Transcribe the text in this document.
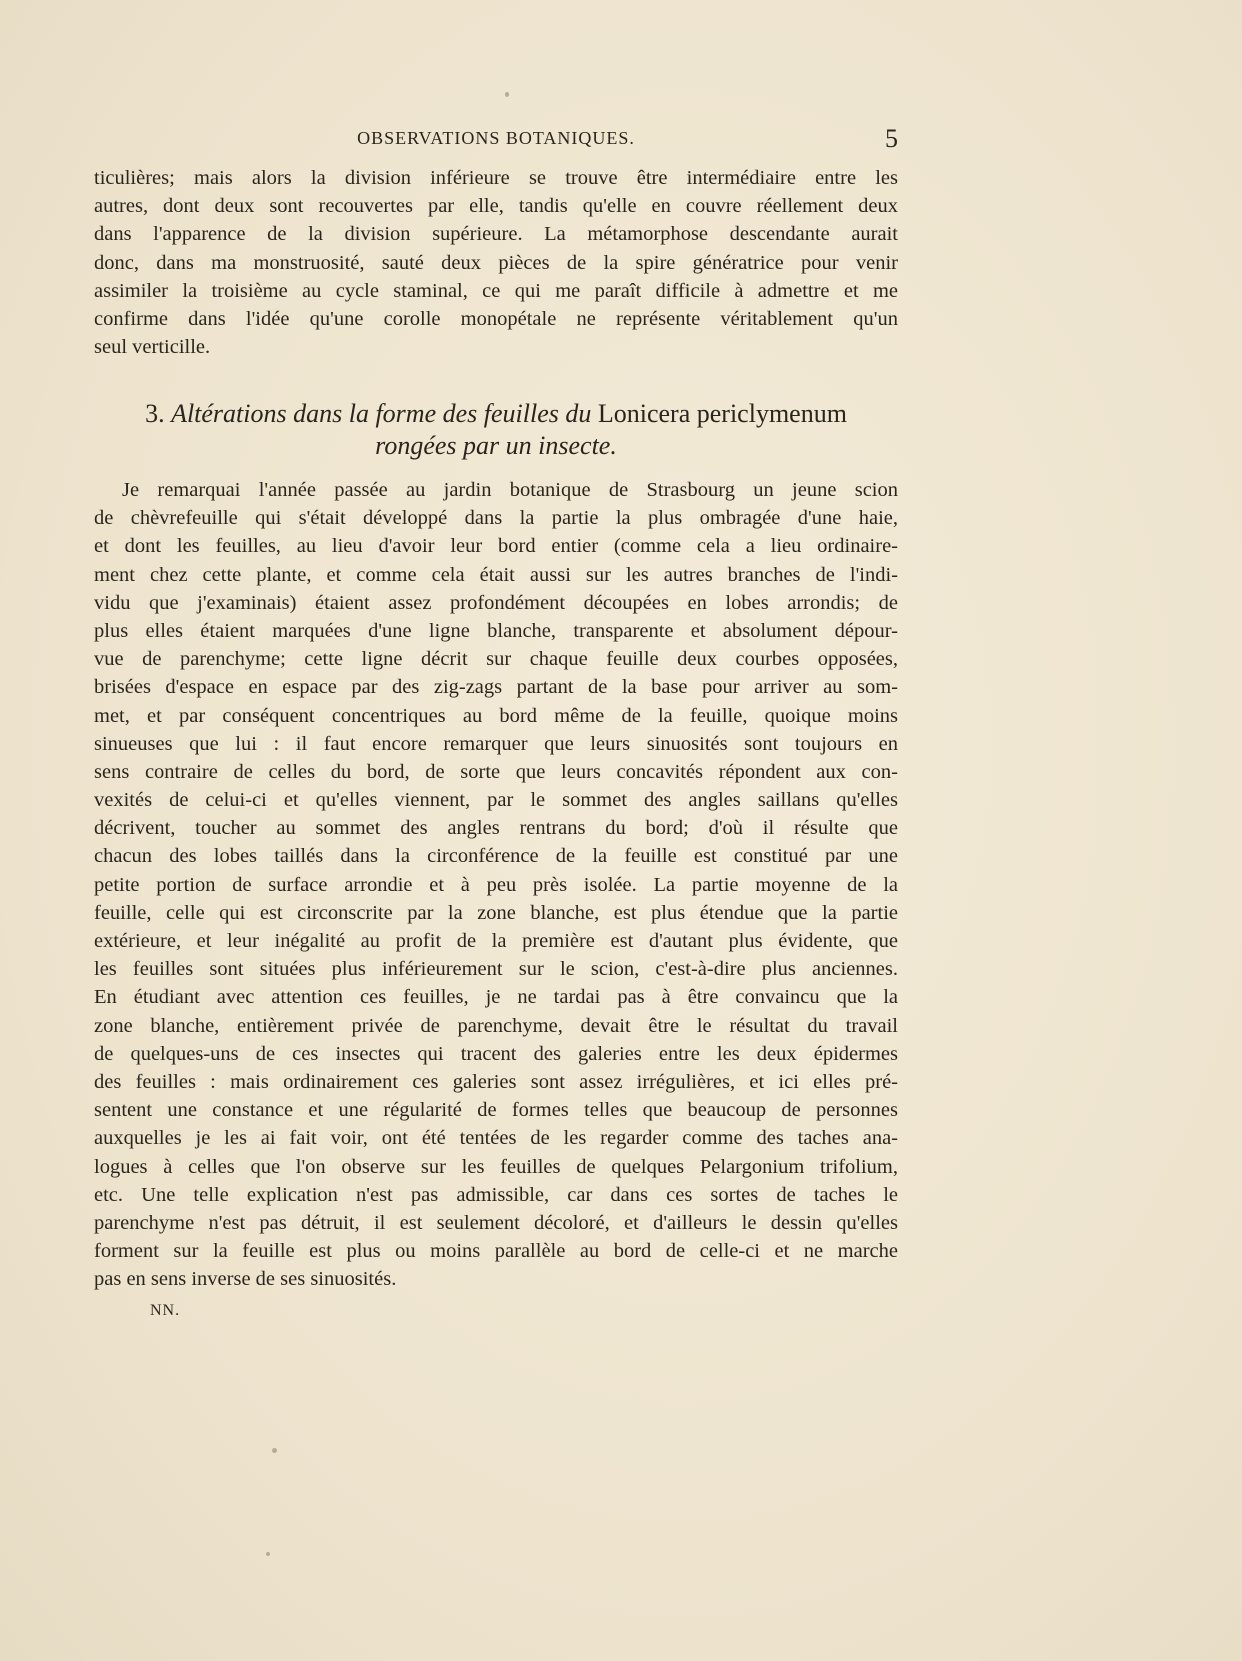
OBSERVATIONS BOTANIQUES.	5
ticulières; mais alors la division inférieure se trouve être intermédiaire entre les
autres, dont deux sont recouvertes par elle, tandis qu'elle en couvre réellement deux
dans l'apparence de la division supérieure. La métamorphose descendante aurait
donc, dans ma monstruosité, sauté deux pièces de la spire génératrice pour venir
assimiler la troisième au cycle staminal, ce qui me paraît difficile à admettre et me
confirme dans l'idée qu'une corolle monopétale ne représente véritablement qu'un
seul verticille.
3. Altérations dans la forme des feuilles du Lonicera periclymenum
rongées par un insecte.
Je remarquai l'année passée au jardin botanique de Strasbourg un jeune scion
de chèvrefeuille qui s'était développé dans la partie la plus ombragée d'une haie,
et dont les feuilles, au lieu d'avoir leur bord entier (comme cela a lieu ordinaire-
ment chez cette plante, et comme cela était aussi sur les autres branches de l'indi-
vidu que j'examinais) étaient assez profondément découpées en lobes arrondis; de
plus elles étaient marquées d'une ligne blanche, transparente et absolument dépour-
vue de parenchyme; cette ligne décrit sur chaque feuille deux courbes opposées,
brisées d'espace en espace par des zig-zags partant de la base pour arriver au som-
met, et par conséquent concentriques au bord même de la feuille, quoique moins
sinueuses que lui : il faut encore remarquer que leurs sinuosités sont toujours en
sens contraire de celles du bord, de sorte que leurs concavités répondent aux con-
vexités de celui-ci et qu'elles viennent, par le sommet des angles saillans qu'elles
décrivent, toucher au sommet des angles rentrans du bord; d'où il résulte que
chacun des lobes taillés dans la circonférence de la feuille est constitué par une
petite portion de surface arrondie et à peu près isolée. La partie moyenne de la
feuille, celle qui est circonscrite par la zone blanche, est plus étendue que la partie
extérieure, et leur inégalité au profit de la première est d'autant plus évidente, que
les feuilles sont situées plus inférieurement sur le scion, c'est-à-dire plus anciennes.
En étudiant avec attention ces feuilles, je ne tardai pas à être convaincu que la
zone blanche, entièrement privée de parenchyme, devait être le résultat du travail
de quelques-uns de ces insectes qui tracent des galeries entre les deux épidermes
des feuilles : mais ordinairement ces galeries sont assez irrégulières, et ici elles pré-
sentent une constance et une régularité de formes telles que beaucoup de personnes
auxquelles je les ai fait voir, ont été tentées de les regarder comme des taches ana-
logues à celles que l'on observe sur les feuilles de quelques Pelargonium trifolium,
etc. Une telle explication n'est pas admissible, car dans ces sortes de taches le
parenchyme n'est pas détruit, il est seulement décoloré, et d'ailleurs le dessin qu'elles
forment sur la feuille est plus ou moins parallèle au bord de celle-ci et ne marche
pas en sens inverse de ses sinuosités.
NN.
